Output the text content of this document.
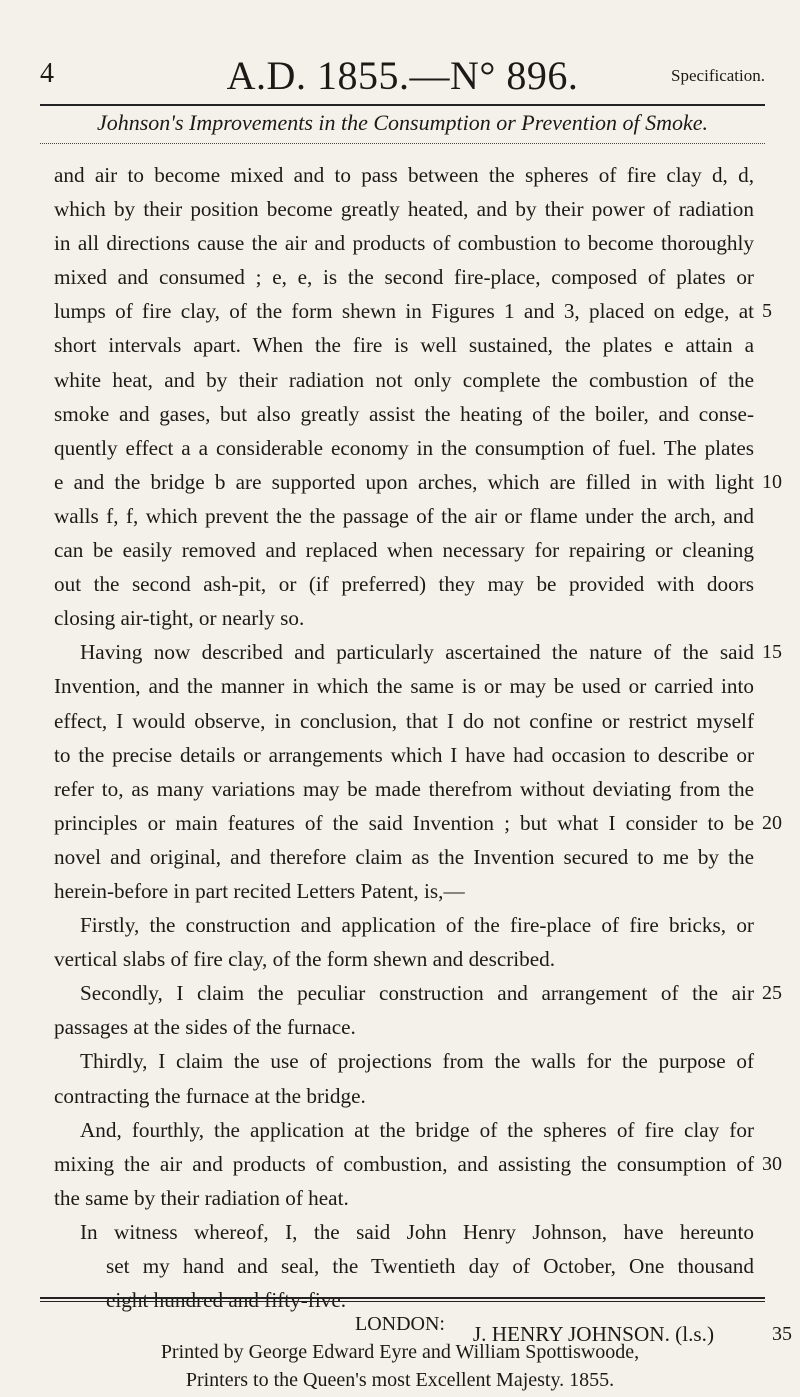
4	A.D. 1855.—N° 896.	Specification.
Johnson's Improvements in the Consumption or Prevention of Smoke.
and air to become mixed and to pass between the spheres of fire clay d, d,
which by their position become greatly heated, and by their power of radiation
in all directions cause the air and products of combustion to become thoroughly
mixed and consumed ; e, e, is the second fire-place, composed of plates or
lumps of fire clay, of the form shewn in Figures 1 and 3, placed on edge, at 5
short intervals apart. When the fire is well sustained, the plates e attain a
white heat, and by their radiation not only complete the combustion of the
smoke and gases, but also greatly assist the heating of the boiler, and conse-
quently effect a a considerable economy in the consumption of fuel. The plates
e and the bridge b are supported upon arches, which are filled in with light 10
walls f, f, which prevent the the passage of the air or flame under the arch, and
can be easily removed and replaced when necessary for repairing or cleaning
out the second ash-pit, or (if preferred) they may be provided with doors
closing air-tight, or nearly so.
Having now described and particularly ascertained the nature of the said 15
Invention, and the manner in which the same is or may be used or carried into
effect, I would observe, in conclusion, that I do not confine or restrict myself
to the precise details or arrangements which I have had occasion to describe or
refer to, as many variations may be made therefrom without deviating from the
principles or main features of the said Invention ; but what I consider to be 20
novel and original, and therefore claim as the Invention secured to me by the
herein-before in part recited Letters Patent, is,—
Firstly, the construction and application of the fire-place of fire bricks, or
vertical slabs of fire clay, of the form shewn and described.
Secondly, I claim the peculiar construction and arrangement of the air 25
passages at the sides of the furnace.
Thirdly, I claim the use of projections from the walls for the purpose of
contracting the furnace at the bridge.
And, fourthly, the application at the bridge of the spheres of fire clay for
mixing the air and products of combustion, and assisting the consumption of 30
the same by their radiation of heat.
In witness whereof, I, the said John Henry Johnson, have hereunto
set my hand and seal, the Twentieth day of October, One thousand
eight hundred and fifty-five.
J. HENRY JOHNSON. (l.s.)	35
LONDON:
Printed by George Edward Eyre and William Spottiswoode,
Printers to the Queen's most Excellent Majesty. 1855.
